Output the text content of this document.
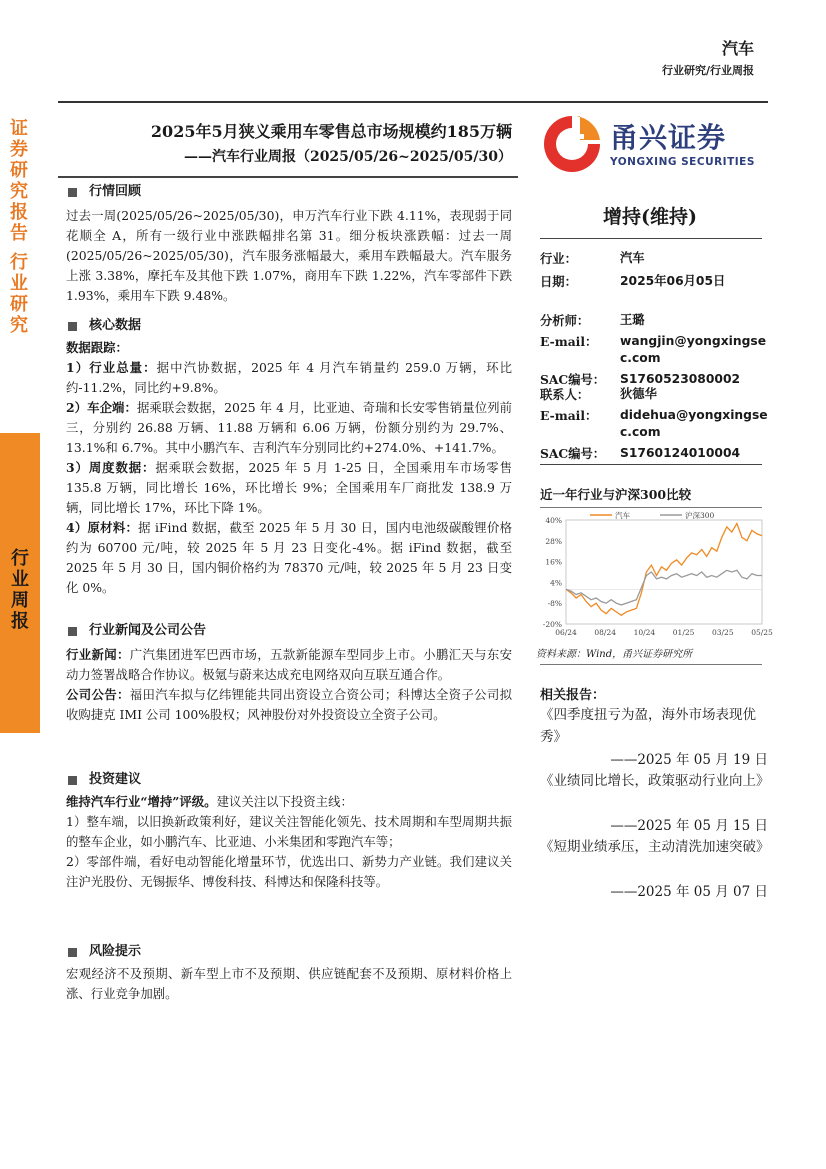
汽车
行业研究/行业周报
证
券
研
究
报
告

行
业
研
究
行
业
周
报
2025年5月狭义乘用车零售总市场规模约185万辆
——汽车行业周报（2025/05/26~2025/05/30）
甬兴证券
YONGXING SECURITIES
行情回顾
过去一周(2025/05/26~2025/05/30)，申万汽车行业下跌 4.11%，表现弱于同花顺全 A，所有一级行业中涨跌幅排名第 31。细分板块涨跌幅：过去一周(2025/05/26~2025/05/30)，汽车服务涨幅最大，乘用车跌幅最大。汽车服务上涨 3.38%，摩托车及其他下跌 1.07%，商用车下跌 1.22%，汽车零部件下跌 1.93%，乘用车下跌 9.48%。
核心数据
数据跟踪：
1）行业总量：据中汽协数据，2025 年 4 月汽车销量约 259.0 万辆，环比约-11.2%，同比约+9.8%。
2）车企端：据乘联会数据，2025 年 4 月，比亚迪、奇瑞和长安零售销量位列前三，分别约 26.88 万辆、11.88 万辆和 6.06 万辆，份额分别约为 29.7%、13.1%和 6.7%。其中小鹏汽车、吉利汽车分别同比约+274.0%、+141.7%。
3）周度数据：据乘联会数据，2025 年 5 月 1-25 日，全国乘用车市场零售 135.8 万辆，同比增长 16%，环比增长 9%；全国乘用车厂商批发 138.9 万辆，同比增长 17%，环比下降 1%。
4）原材料：据 iFind 数据，截至 2025 年 5 月 30 日，国内电池级碳酸锂价格约为 60700 元/吨，较 2025 年 5 月 23 日变化-4%。据 iFind 数据，截至 2025 年 5 月 30 日，国内铜价格约为 78370 元/吨，较 2025 年 5 月 23 日变化 0%。
行业新闻及公司公告
行业新闻：广汽集团进军巴西市场，五款新能源车型同步上市。小鹏汇天与东安动力签署战略合作协议。极氪与蔚来达成充电网络双向互联互通合作。
公司公告：福田汽车拟与亿纬锂能共同出资设立合资公司；科博达全资子公司拟收购捷克 IMI 公司 100%股权；风神股份对外投资设立全资子公司。
投资建议
维持汽车行业“增持”评级。建议关注以下投资主线：
1）整车端，以旧换新政策利好，建议关注智能化领先、技术周期和车型周期共振的整车企业，如小鹏汽车、比亚迪、小米集团和零跑汽车等；
2）零部件端，看好电动智能化增量环节，优选出口、新势力产业链。我们建议关注沪光股份、无锡振华、博俊科技、科博达和保隆科技等。
风险提示
宏观经济不及预期、新车型上市不及预期、供应链配套不及预期、原材料价格上涨、行业竞争加剧。
增持(维持)
行业：	汽车
日期：	2025年06月05日
分析师：	王璐
E-mail： wangjin@yongxingsec.com
SAC编号： S1760523080002
联系人：	狄德华
E-mail： didehua@yongxingsec.com
SAC编号： S1760124010004
近一年行业与沪深300比较
40%
28%
16%
4%
-8%
-20%
06/24 08/24 10/24 01/25 03/25 05/25
汽车	沪深300
资料来源：Wind，甬兴证券研究所
相关报告：
《四季度扭亏为盈，海外市场表现优秀》
——2025 年 05 月 19 日
《业绩同比增长，政策驱动行业向上》
——2025 年 05 月 15 日
《短期业绩承压，主动清洗加速突破》
——2025 年 05 月 07 日
